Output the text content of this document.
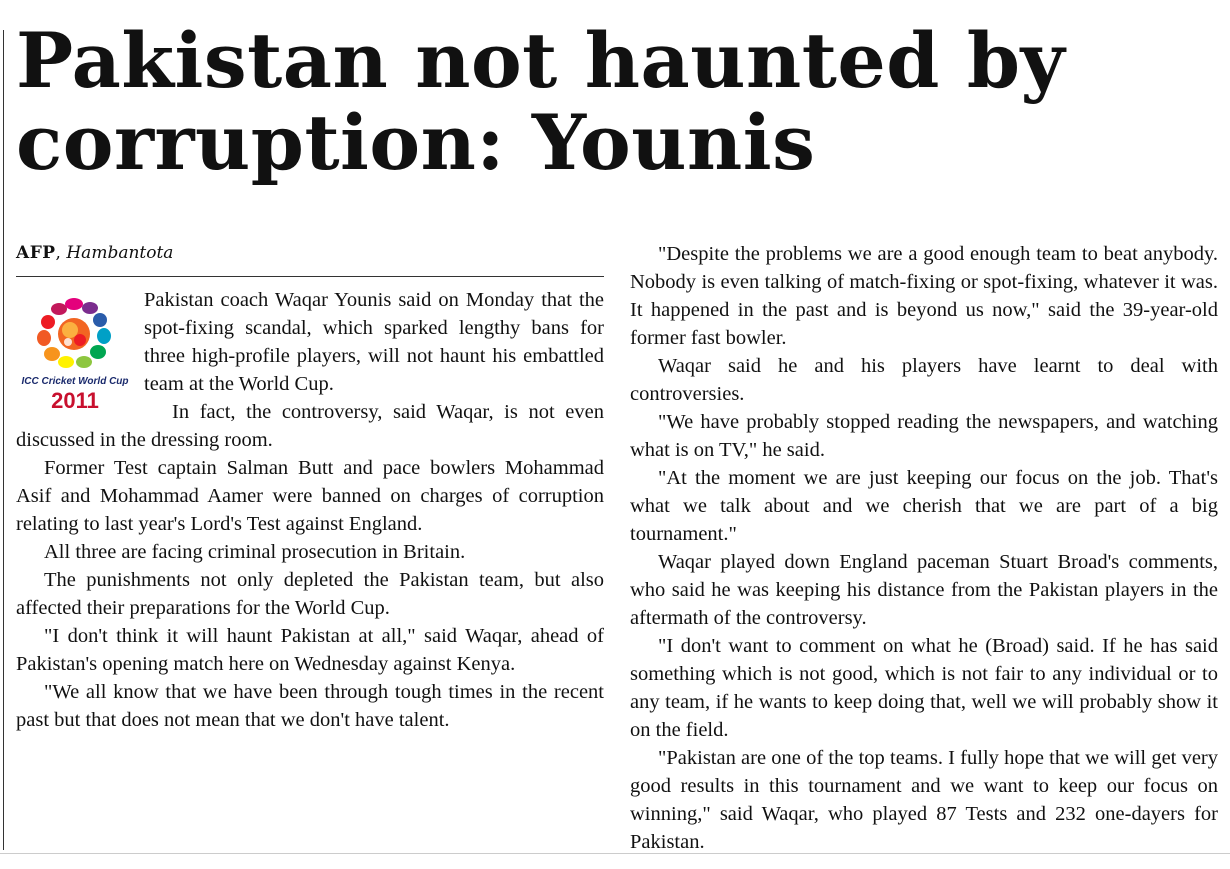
Pakistan not haunted by corruption: Younis
AFP, Hambantota
ICC Cricket World Cup
2011

Pakistan coach Waqar Younis said on Monday that the spot-fixing scandal, which sparked lengthy bans for three high-profile players, will not haunt his embattled team at the World Cup.

In fact, the controversy, said Waqar, is not even discussed in the dressing room.

Former Test captain Salman Butt and pace bowlers Mohammad Asif and Mohammad Aamer were banned on charges of corruption relating to last year's Lord's Test against England.

All three are facing criminal prosecution in Britain.

The punishments not only depleted the Pakistan team, but also affected their preparations for the World Cup.

"I don't think it will haunt Pakistan at all," said Waqar, ahead of Pakistan's opening match here on Wednesday against Kenya.

"We all know that we have been through tough times in the recent past but that does not mean that we don't have talent.

"Despite the problems we are a good enough team to beat anybody. Nobody is even talking of match-fixing or spot-fixing, whatever it was. It happened in the past and is beyond us now," said the 39-year-old former fast bowler.

Waqar said he and his players have learnt to deal with controversies.

"We have probably stopped reading the newspapers, and watching what is on TV," he said.

"At the moment we are just keeping our focus on the job. That's what we talk about and we cherish that we are part of a big tournament."

Waqar played down England paceman Stuart Broad's comments, who said he was keeping his distance from the Pakistan players in the aftermath of the controversy.

"I don't want to comment on what he (Broad) said. If he has said something which is not good, which is not fair to any individual or to any team, if he wants to keep doing that, well we will probably show it on the field.

"Pakistan are one of the top teams. I fully hope that we will get very good results in this tournament and we want to keep our focus on winning," said Waqar, who played 87 Tests and 232 one-dayers for Pakistan.
